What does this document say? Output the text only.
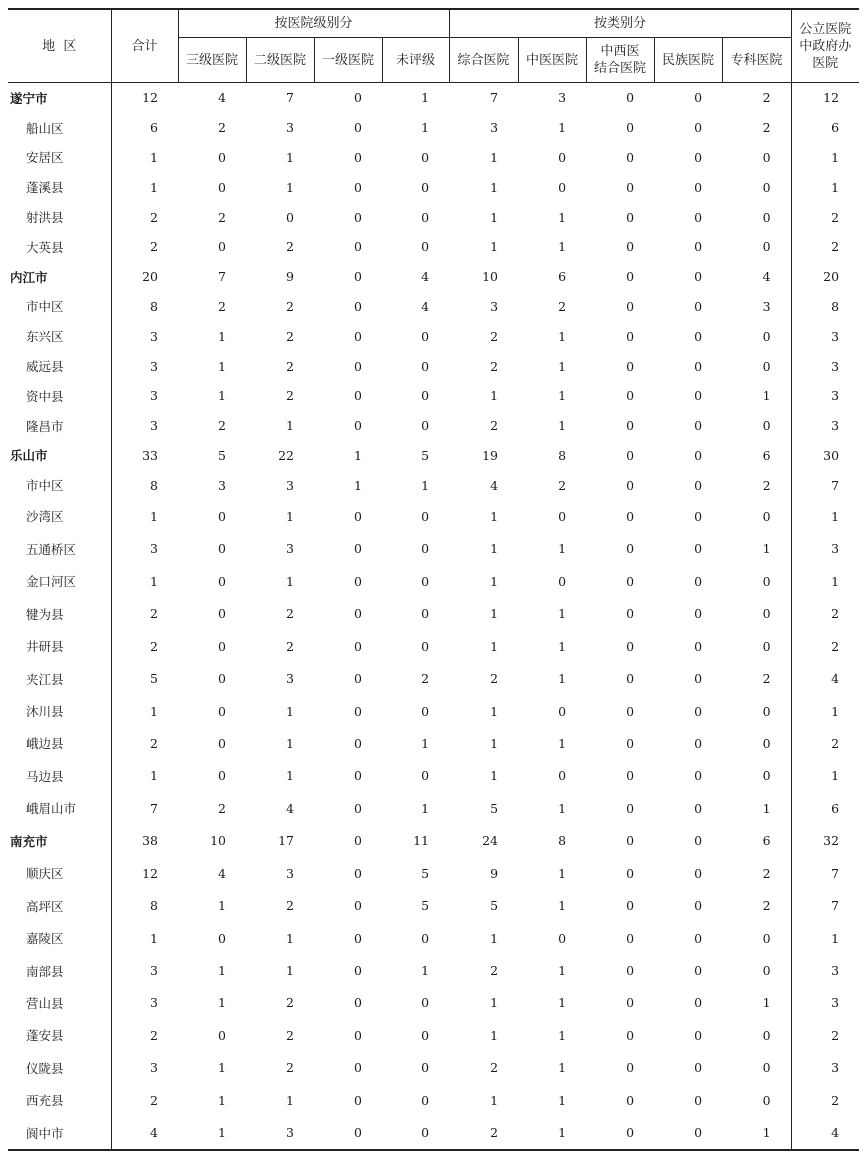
地  区	合计	按医院级别分				按类别分					公立医院
中政府办
医院

		三级医院	二级医院	一级医院	未评级	综合医院	中医医院	中西医
结合医院	民族医院	专科医院	
遂宁市	12	4	7	0	1	7	3	0	0	2	12
船山区	6	2	3	0	1	3	1	0	0	2	6
安居区	1	0	1	0	0	1	0	0	0	0	1
蓬溪县	1	0	1	0	0	1	0	0	0	0	1
射洪县	2	2	0	0	0	1	1	0	0	0	2
大英县	2	0	2	0	0	1	1	0	0	0	2
内江市	20	7	9	0	4	10	6	0	0	4	20
市中区	8	2	2	0	4	3	2	0	0	3	8
东兴区	3	1	2	0	0	2	1	0	0	0	3
威远县	3	1	2	0	0	2	1	0	0	0	3
资中县	3	1	2	0	0	1	1	0	0	1	3
隆昌市	3	2	1	0	0	2	1	0	0	0	3
乐山市	33	5	22	1	5	19	8	0	0	6	30
市中区	8	3	3	1	1	4	2	0	0	2	7
沙湾区	1	0	1	0	0	1	0	0	0	0	1
五通桥区	3	0	3	0	0	1	1	0	0	1	3
金口河区	1	0	1	0	0	1	0	0	0	0	1
犍为县	2	0	2	0	0	1	1	0	0	0	2
井研县	2	0	2	0	0	1	1	0	0	0	2
夹江县	5	0	3	0	2	2	1	0	0	2	4
沐川县	1	0	1	0	0	1	0	0	0	0	1
峨边县	2	0	1	0	1	1	1	0	0	0	2
马边县	1	0	1	0	0	1	0	0	0	0	1
峨眉山市	7	2	4	0	1	5	1	0	0	1	6
南充市	38	10	17	0	11	24	8	0	0	6	32
顺庆区	12	4	3	0	5	9	1	0	0	2	7
高坪区	8	1	2	0	5	5	1	0	0	2	7
嘉陵区	1	0	1	0	0	1	0	0	0	0	1
南部县	3	1	1	0	1	2	1	0	0	0	3
营山县	3	1	2	0	0	1	1	0	0	1	3
蓬安县	2	0	2	0	0	1	1	0	0	0	2
仪陇县	3	1	2	0	0	2	1	0	0	0	3
西充县	2	1	1	0	0	1	1	0	0	0	2
阆中市	4	1	3	0	0	2	1	0	0	1	4
